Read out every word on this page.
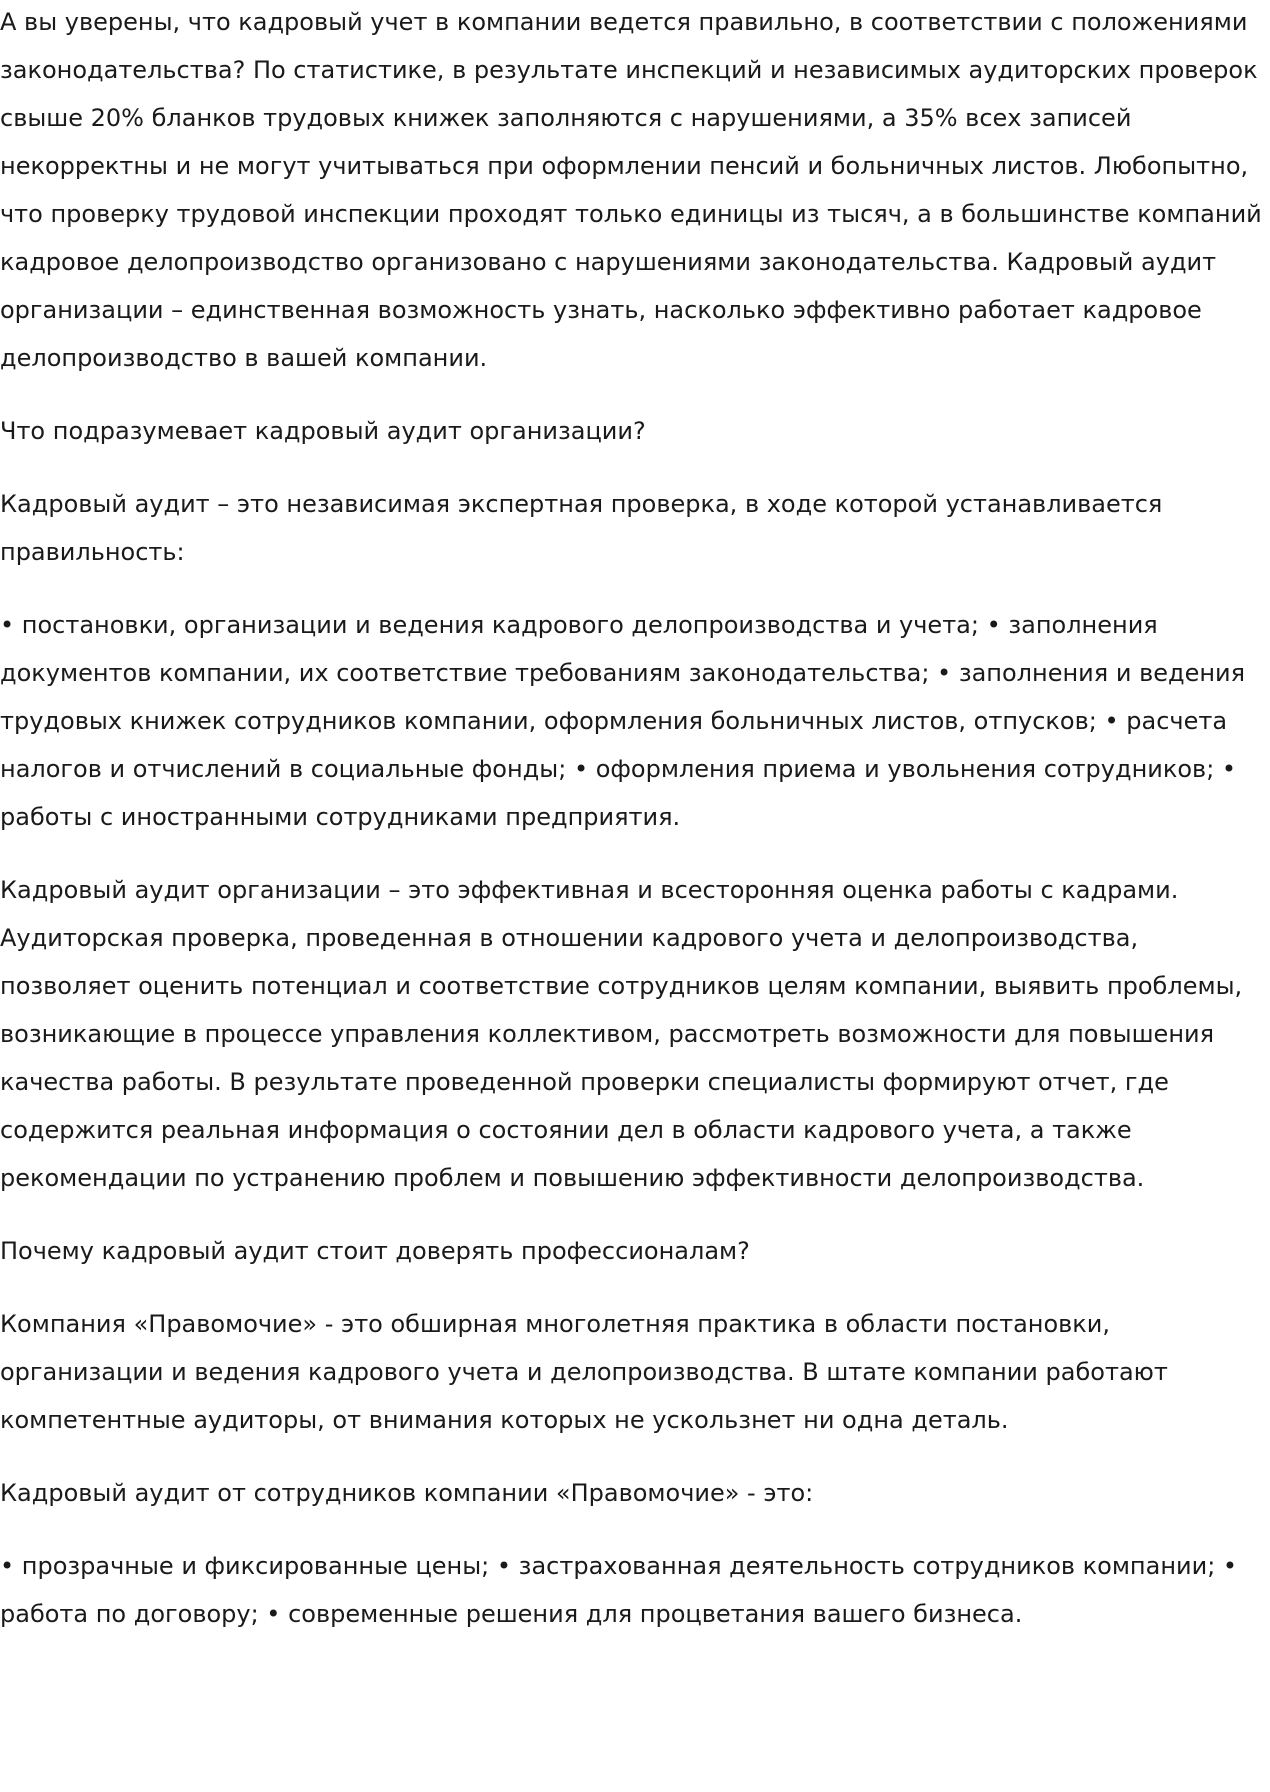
А вы уверены, что кадровый учет в компании ведется правильно, в соответствии с положениями законодательства? По статистике, в результате инспекций и независимых аудиторских проверок свыше 20% бланков трудовых книжек заполняются с нарушениями, а 35% всех записей некорректны и не могут учитываться при оформлении пенсий и больничных листов. Любопытно, что проверку трудовой инспекции проходят только единицы из тысяч, а в большинстве компаний кадровое делопроизводство организовано с нарушениями законодательства. Кадровый аудит организации – единственная возможность узнать, насколько эффективно работает кадровое делопроизводство в вашей компании.

Что подразумевает кадровый аудит организации?

Кадровый аудит – это независимая экспертная проверка, в ходе которой устанавливается правильность:

• постановки, организации и ведения кадрового делопроизводства и учета; • заполнения документов компании, их соответствие требованиям законодательства; • заполнения и ведения трудовых книжек сотрудников компании, оформления больничных листов, отпусков; • расчета налогов и отчислений в социальные фонды; • оформления приема и увольнения сотрудников; • работы с иностранными сотрудниками предприятия.

Кадровый аудит организации – это эффективная и всесторонняя оценка работы с кадрами. Аудиторская проверка, проведенная в отношении кадрового учета и делопроизводства, позволяет оценить потенциал и соответствие сотрудников целям компании, выявить проблемы, возникающие в процессе управления коллективом, рассмотреть возможности для повышения качества работы. В результате проведенной проверки специалисты формируют отчет, где содержится реальная информация о состоянии дел в области кадрового учета, а также рекомендации по устранению проблем и повышению эффективности делопроизводства.

Почему кадровый аудит стоит доверять профессионалам?

Компания «Правомочие» - это обширная многолетняя практика в области постановки, организации и ведения кадрового учета и делопроизводства. В штате компании работают компетентные аудиторы, от внимания которых не ускользнет ни одна деталь.

Кадровый аудит от сотрудников компании «Правомочие» - это:

• прозрачные и фиксированные цены; • застрахованная деятельность сотрудников компании; • работа по договору; • современные решения для процветания вашего бизнеса.
